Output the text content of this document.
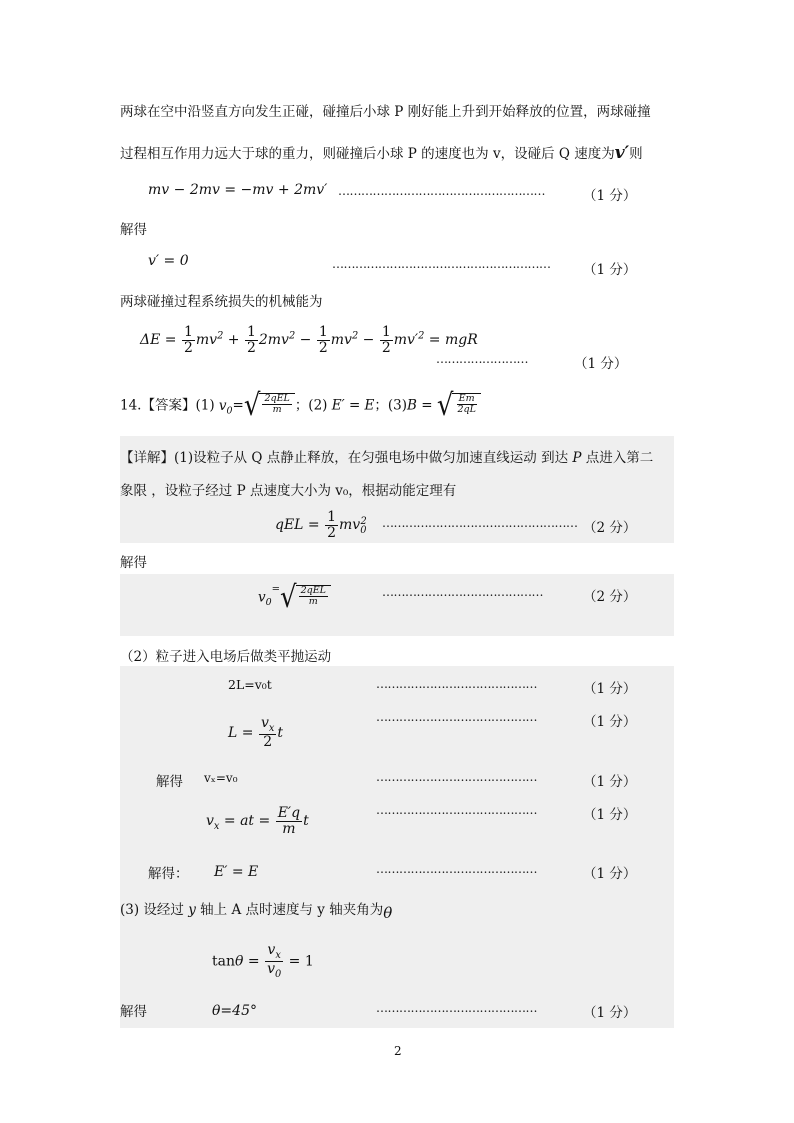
两球在空中沿竖直方向发生正碰，碰撞后小球 P 刚好能上升到开始释放的位置，两球碰撞
过程相互作用力远大于球的重力，则碰撞后小球 P 的速度也为 v，设碰后 Q 速度为v′则
mv − 2mv = −mv + 2mv′ ………………………………………………	（1 分）
解得
v′ = 0	………………………………………………… （1 分）
两球碰撞过程系统损失的机械能为
$\Delta E = \frac{1}{2} mv^2 + \frac{1}{2} 2mv^2 - \frac{1}{2} mv^2 - \frac{1}{2} mv'^2$ = mgR
……………………	（1 分）
14.【答案】(1) $v_0=$ √ $\frac{\text{2qEL}}{m}$ ；(2) E′ = E；(3)B = √ $\frac{Em}{2qL}$
【详解】(1)设粒子从 Q 点静止释放，在匀强电场中做匀加速直线运动 到达 P 点进入第二
象限 ，设粒子经过 P 点速度大小为 v₀，根据动能定理有
qEL = $\frac{1}{2} mv_0^2$ …………………………………………… （2 分）
解得
$v_0^=$ √ $\frac{\text{2qEL}}{m}$	……………………………………	（2 分）
（2）粒子进入电场后做类平抛运动
2L=v₀t	……………………………………	（1 分）
$L = \frac{v_x}{2}$ t
……………………………………	（1 分）
解得 vₓ=v₀	……………………………………	（1 分）
$v_x$ = at = $\frac{E'q}{m}$ t
……………………………………	（1 分）
解得： E′ = E	……………………………………	（1 分）
(3) 设经过 y 轴上 A 点时速度与 y 轴夹角为θ
$\tan\theta = \frac{v_x}{v_0} = 1$
解得	θ=45°	……………………………………	（1 分）
2
